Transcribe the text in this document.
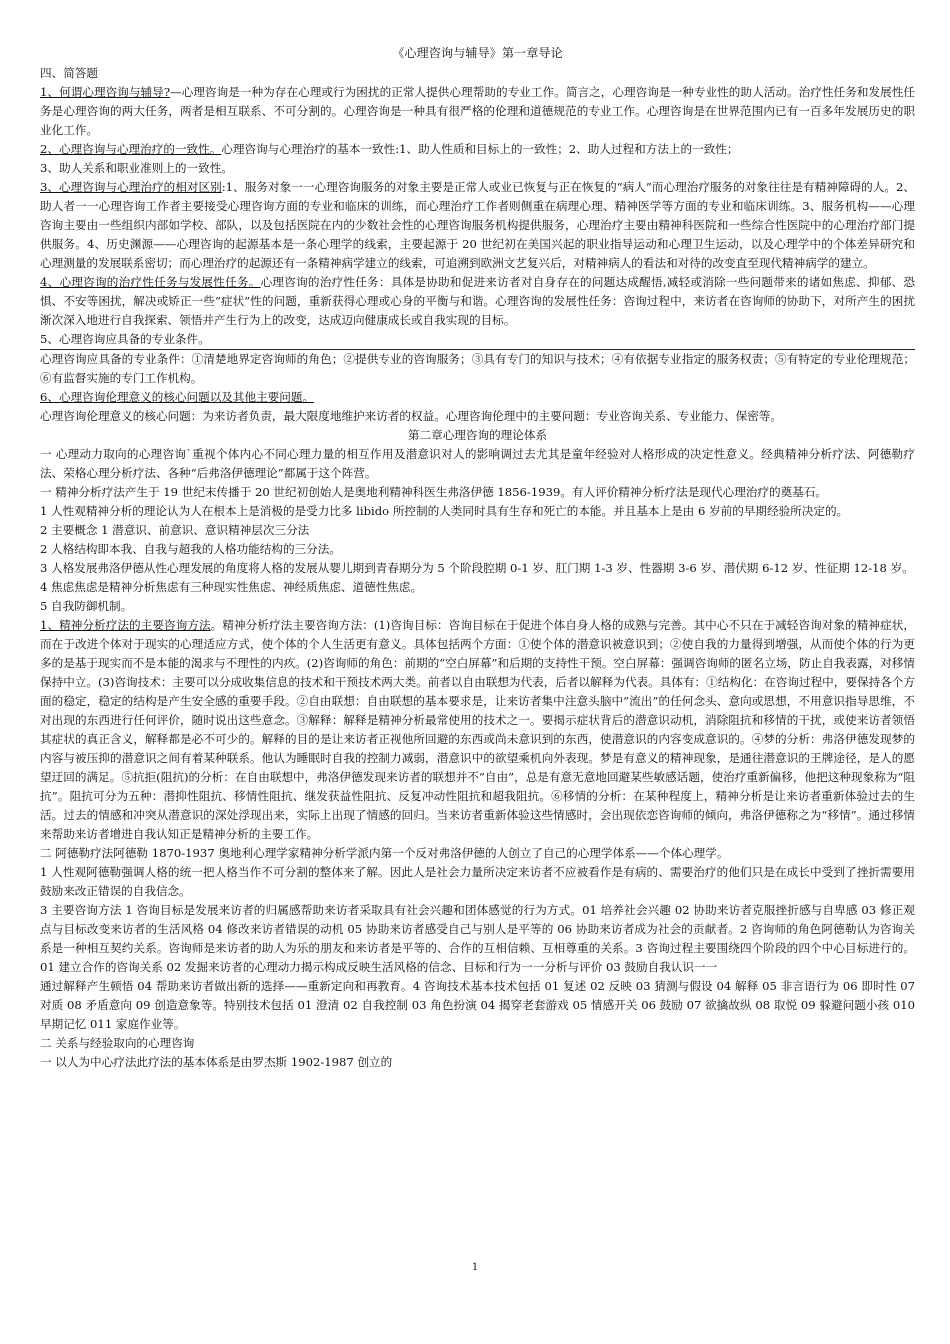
《心理咨询与辅导》第一章导论

四、简答题

1、何谓心理咨询与辅导?—心理咨询是一种为存在心理或行为困扰的正常人提供心理帮助的专业工作。简言之，心理咨询是一种专业性的助人活动。治疗性任务和发展性任务是心理咨询的两大任务，两者是相互联系、不可分割的。心理咨询是一种具有很严格的伦理和道德规范的专业工作。心理咨询是在世界范围内已有一百多年发展历史的职业化工作。

2、心理咨询与心理治疗的一致性。心理咨询与心理治疗的基本一致性:1、助人性质和目标上的一致性；2、助人过程和方法上的一致性；

3、助人关系和职业准则上的一致性。

3、心理咨询与心理治疗的相对区别:1、服务对象一一心理咨询服务的对象主要是正常人或业已恢复与正在恢复的“病人”而心理治疗服务的对象往往是有精神障碍的人。2、助人者一一心理咨询工作者主要接受心理咨询方面的专业和临床的训练，而心理治疗工作者则侧重在病理心理、精神医学等方面的专业和临床训练。3、服务机构——心理咨询主要由一些组织内部如学校、部队，以及包括医院在内的少数社会性的心理咨询服务机构提供服务，心理治疗主要由精神科医院和一些综合性医院中的心理治疗部门提供服务。4、历史渊源——心理咨询的起源基本是一条心理学的线索，主要起源于 20 世纪初在美国兴起的职业指导运动和心理卫生运动，以及心理学中的个体差异研究和心理测量的发展联系密切；而心理治疗的起源还有一条精神病学建立的线索，可追溯到欧洲文艺复兴后，对精神病人的看法和对待的改变直至现代精神病学的建立。

4、心理咨询的治疗性任务与发展性任务。心理咨询的治疗性任务：具体是协助和促进来访者对自身存在的问题达成醒悟,减轻或消除一些问题带来的诸如焦虑、抑郁、恐惧、不安等困扰，解决或矫正一些“症状”性的问题，重新获得心理或心身的平衡与和谐。心理咨询的发展性任务：咨询过程中，来访者在咨询师的协助下，对所产生的困扰渐次深入地进行自我探索、领悟并产生行为上的改变，达成迈向健康成长或自我实现的目标。

5、心理咨询应具备的专业条件。

心理咨询应具备的专业条件：①清楚地界定咨询师的角色；②提供专业的咨询服务；③具有专门的知识与技术；④有依据专业指定的服务权责；⑤有特定的专业伦理规范；⑥有监督实施的专门工作机构。

6、心理咨询伦理意义的核心问题以及其他主要问题。

心理咨询伦理意义的核心问题：为来访者负责，最大限度地维护来访者的权益。心理咨询伦理中的主要问题：专业咨询关系、专业能力、保密等。

第二章心理咨询的理论体系

一 心理动力取向的心理咨询`重视个体内心不同心理力量的相互作用及潜意识对人的影响调过去尤其是童年经验对人格形成的决定性意义。经典精神分析疗法、阿德勒疗法、荣格心理分析疗法、各种“后弗洛伊德理论”都属于这个阵营。

一 精神分析疗法产生于 19 世纪末传播于 20 世纪初创始人是奥地利精神科医生弗洛伊德 1856-1939。有人评价精神分析疗法是现代心理治疗的奠基石。

1 人性观精神分析的理论认为人在根本上是消极的是受力比多 libido 所控制的人类同时具有生存和死亡的本能。并且基本上是由 6 岁前的早期经验所决定的。

2 主要概念 1 潜意识、前意识、意识精神层次三分法

2 人格结构即本我、自我与超我的人格功能结构的三分法。

3 人格发展弗洛伊德从性心理发展的角度将人格的发展从婴儿期到青春期分为 5 个阶段腔期 0-1 岁、肛门期 1-3 岁、性器期 3-6 岁、潜伏期 6-12 岁、性征期 12-18 岁。

4 焦虑焦虑是精神分析焦虑有三种现实性焦虑、神经质焦虑、道德性焦虑。

5 自我防御机制。

1、精神分析疗法的主要咨询方法。精神分析疗法主要咨询方法：(1)咨询目标：咨询目标在于促进个体自身人格的成熟与完善。其中心不只在于减轻咨询对象的精神症状，而在于改进个体对于现实的心理适应方式，使个体的个人生活更有意义。具体包括两个方面：①使个体的潜意识被意识到；②使自我的力量得到增强，从而使个体的行为更多的是基于现实而不是本能的渴求与不理性的内疚。(2)咨询师的角色：前期的“空白屏幕”和后期的支持性干预。空白屏幕：强调咨询师的匿名立场，防止自我表露，对移情保持中立。(3)咨询技术：主要可以分成收集信息的技术和干预技术两大类。前者以自由联想为代表，后者以解释为代表。具体有：①结构化：在咨询过程中，要保持各个方面的稳定，稳定的结构是产生安全感的重要手段。②自由联想：自由联想的基本要求是，让来访者集中注意头脑中“流出”的任何念头、意向或思想，不用意识指导思维，不对出现的东西进行任何评价，随时说出这些意念。③解释：解释是精神分析最常使用的技术之一。要揭示症状背后的潜意识动机，消除阻抗和移情的干扰，或使来访者领悟其症状的真正含义，解释都是必不可少的。解释的目的是让来访者正视他所回避的东西或尚未意识到的东西，使潜意识的内容变成意识的。④梦的分析：弗洛伊德发现梦的内容与被压抑的潜意识之间有着某种联系。他认为睡眠时自我的控制力减弱，潜意识中的欲望乘机向外表现。梦是有意义的精神现象，是通往潜意识的王牌途径，是人的愿望迂回的满足。⑤抗拒(阻抗)的分析：在自由联想中，弗洛伊德发现来访者的联想并不“自由”，总是有意无意地回避某些敏感话题，使治疗重新偏移，他把这种现象称为“阻抗”。阻抗可分为五种：潜抑性阻抗、移情性阻抗、继发获益性阻抗、反复冲动性阻抗和超我阻抗。⑥移情的分析：在某种程度上，精神分析是让来访者重新体验过去的生活。过去的情感和冲突从潜意识的深处浮现出来，实际上出现了情感的回归。当来访者重新体验这些情感时，会出现依恋咨询师的倾向，弗洛伊德称之为“移情”。通过移情来帮助来访者增进自我认知正是精神分析的主要工作。

二 阿德勒疗法阿德勒 1870-1937 奥地利心理学家精神分析学派内第一个反对弗洛伊德的人创立了自己的心理学体系——个体心理学。

1 人性观阿德勒强调人格的统一把人格当作不可分割的整体来了解。因此人是社会力量所决定来访者不应被看作是有病的、需要治疗的他们只是在成长中受到了挫折需要用鼓励来改正错误的自我信念。

3 主要咨询方法 1 咨询目标是发展来访者的归属感帮助来访者采取具有社会兴趣和团体感觉的行为方式。01 培养社会兴趣 02 协助来访者克服挫折感与自卑感 03 修正观点与目标改变来访者的生活风格 04 修改来访者错误的动机 05 协助来访者感受自己与别人是平等的 06 协助来访者成为社会的贡献者。2 咨询师的角色阿德勒认为咨询关系是一种相互契约关系。咨询师是来访者的助人为乐的朋友和来访者是平等的、合作的互相信赖、互相尊重的关系。3 咨询过程主要围绕四个阶段的四个中心目标进行的。01 建立合作的咨询关系 02 发掘来访者的心理动力揭示构成反映生活风格的信念、目标和行为一一分析与评价 03 鼓励自我认识一一

通过解释产生顿悟 04 帮助来访者做出新的选择——重新定向和再教育。4 咨询技术基本技术包括 01 复述 02 反映 03 猜测与假设 04 解释 05 非言语行为 06 即时性 07 对质 08 矛盾意向 09 创造意象等。特别技术包括 01 澄清 02 自我控制 03 角色扮演 04 揭穿老套游戏 05 情感开关 06 鼓励 07 欲擒故纵 08 取悦 09 躲避问题小孩 010 早期记忆 011 家庭作业等。

二 关系与经验取向的心理咨询

一 以人为中心疗法此疗法的基本体系是由罗杰斯 1902-1987 创立的

1
